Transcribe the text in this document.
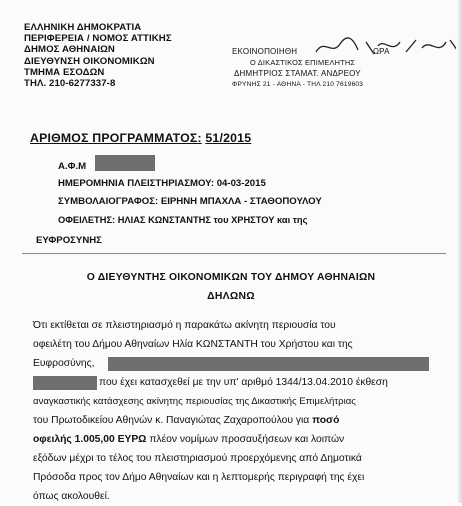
ΕΛΛΗΝΙΚΗ ΔΗΜΟΚΡΑΤΙΑ
ΠΕΡΙΦΕΡΕΙΑ / ΝΟΜΟΣ ΑΤΤΙΚΗΣ
ΔΗΜΟΣ ΑΘΗΝΑΙΩΝ
ΔΙΕΥΘΥΝΣΗ ΟΙΚΟΝΟΜΙΚΩΝ
ΤΜΗΜΑ ΕΣΟΔΩΝ
ΤΗΛ. 210-6277337-8
ΕΚΟΙΝΟΠΟΙΗΘΗ	ΩΡΑ
Ο ΔΙΚΑΣΤΙΚΟΣ ΕΠΙΜΕΛΗΤΗΣ
ΔΗΜΗΤΡΙΟΣ ΣΤΑΜΑΤ. ΑΝΔΡΕΟΥ
ΦΡΥΝΗΣ 21 - ΑΘΗΝΑ - ΤΗΛ 210 7619603
ΑΡΙΘΜΟΣ ΠΡΟΓΡΑΜΜΑΤΟΣ: 51/2015
Α.Φ.Μ
ΗΜΕΡΟΜΗΝΙΑ ΠΛΕΙΣΤΗΡΙΑΣΜΟΥ: 04-03-2015
ΣΥΜΒΟΛΑΙΟΓΡΑΦΟΣ: ΕΙΡΗΝΗ ΜΠΑΧΛΑ - ΣΤΑΘΟΠΟΥΛΟΥ
ΟΦΕΙΛΕΤΗΣ: ΗΛΙΑΣ ΚΩΝΣΤΑΝΤΗΣ του ΧΡΗΣΤΟΥ και της
ΕΥΦΡΟΣΥΝΗΣ
Ο ΔΙΕΥΘΥΝΤΗΣ ΟΙΚΟΝΟΜΙΚΩΝ ΤΟΥ ΔΗΜΟΥ ΑΘΗΝΑΙΩΝ
ΔΗΛΩΝΩ
Ότι εκτίθεται σε πλειστηριασμό η παρακάτω ακίνητη περιουσία του
οφειλέτη του Δήμου Αθηναίων Ηλία ΚΩΝΣΤΑΝΤΗ του Χρήστου και της
Ευφροσύνης,
που έχει κατασχεθεί με την υπ' αριθμό 1344/13.04.2010 έκθεση
αναγκαστικής κατάσχεσης ακίνητης περιουσίας της Δικαστικής Επιμελήτριας
του Πρωτοδικείου Αθηνών κ. Παναγιώτας Ζαχαροπούλου για ποσό
οφειλής 1.005,00 ΕΥΡΩ πλέον νομίμων προσαυξήσεων και λοιπών
εξόδων μέχρι το τέλος του πλειστηριασμού προερχόμενης από Δημοτικά
Πρόσοδα προς τον Δήμο Αθηναίων και η λεπτομερής περιγραφή της έχει
όπως ακολουθεί.
